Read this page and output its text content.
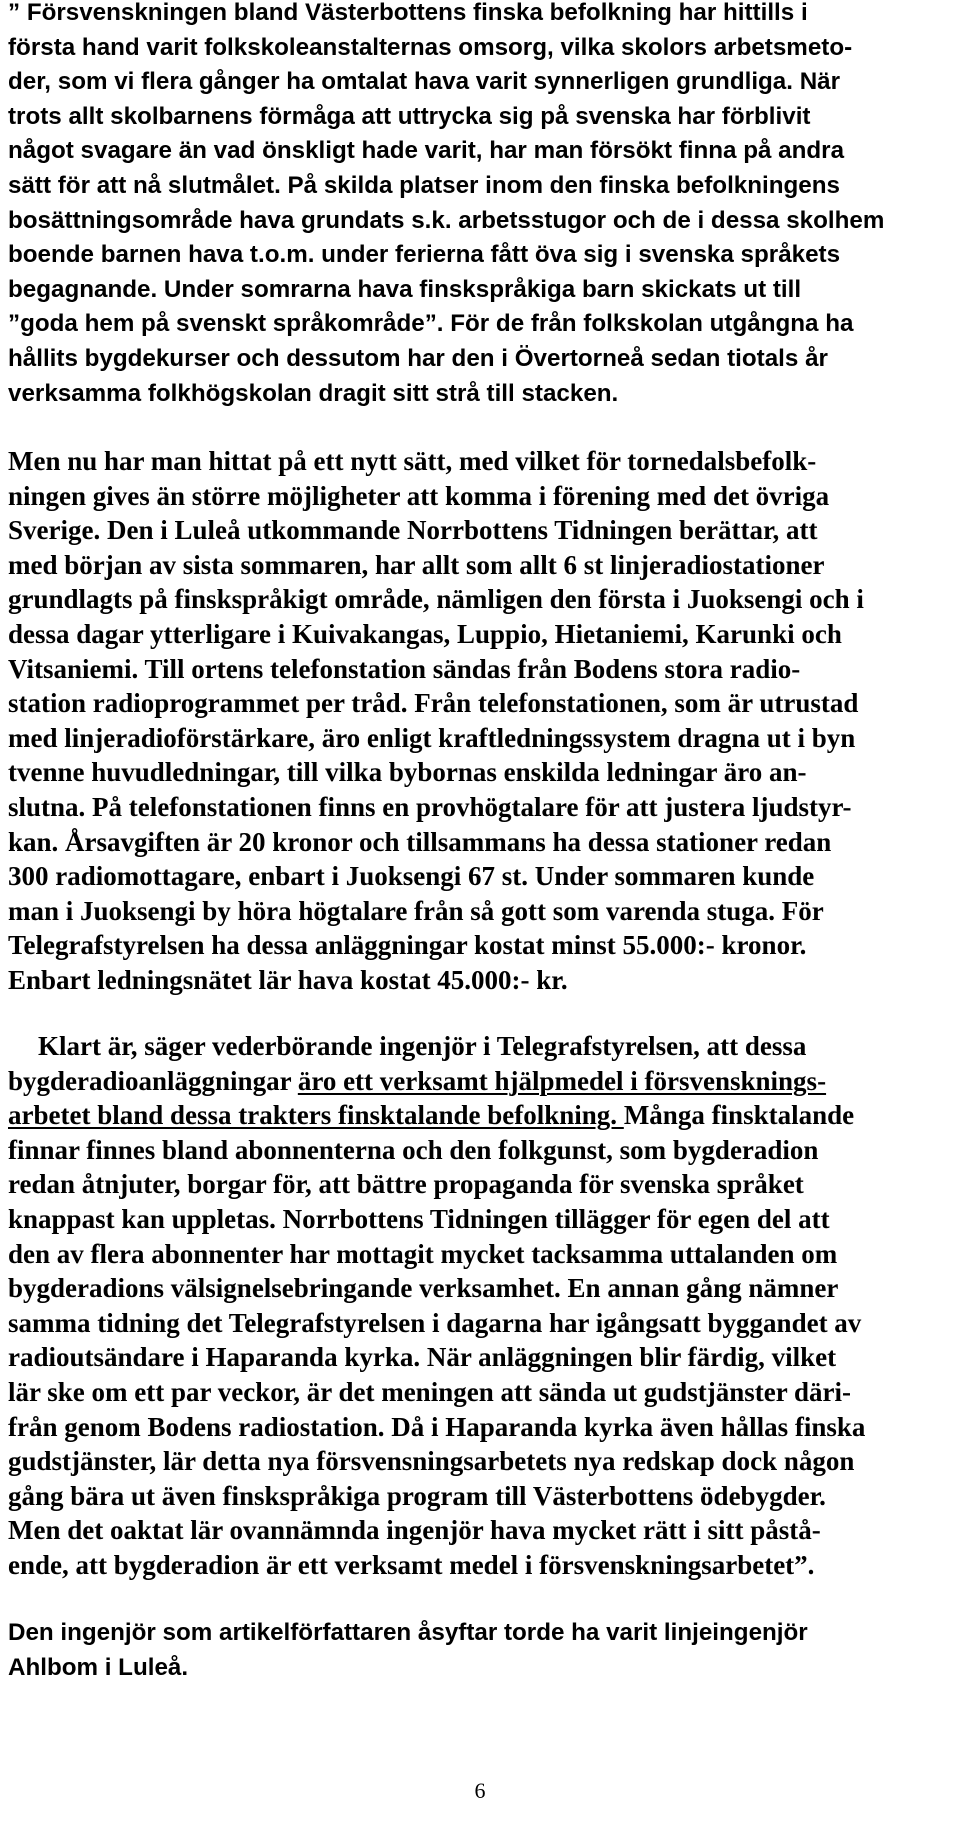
” Försvenskningen bland Västerbottens finska befolkning har hittills i
första hand varit folkskoleanstalternas omsorg, vilka skolors arbetsmeto-
der, som vi flera gånger ha omtalat hava varit synnerligen grundliga. När
trots allt skolbarnens förmåga att uttrycka sig på svenska har förblivit
något svagare än vad önskligt hade varit, har man försökt finna på andra
sätt för att nå slutmålet. På skilda platser inom den finska befolkningens
bosättningsområde hava grundats s.k. arbetsstugor och de i dessa skolhem
boende barnen hava t.o.m. under ferierna fått öva sig i svenska språkets
begagnande. Under somrarna hava finskspråkiga barn skickats ut till
”goda hem på svenskt språkområde”. För de från folkskolan utgångna ha
hållits bygdekurser och dessutom har den i Övertorneå sedan tiotals år
verksamma folkhögskolan dragit sitt strå till stacken.
Men nu har man hittat på ett nytt sätt, med vilket för tornedalsbefolk-
ningen gives än större möjligheter att komma i förening med det övriga
Sverige. Den i Luleå utkommande Norrbottens Tidningen berättar, att
med början av sista sommaren, har allt som allt 6 st linjeradiostationer
grundlagts på finskspråkigt område, nämligen den första i Juoksengi och i
dessa dagar ytterligare i Kuivakangas, Luppio, Hietaniemi, Karunki och
Vitsaniemi. Till ortens telefonstation sändas från Bodens stora radio-
station radioprogrammet per tråd. Från telefonstationen, som är utrustad
med linjeradioförstärkare, äro enligt kraftledningssystem dragna ut i byn
tvenne huvudledningar, till vilka bybornas enskilda ledningar äro an-
slutna. På telefonstationen finns en provhögtalare för att justera ljudstyr-
kan. Årsavgiften är 20 kronor och tillsammans ha dessa stationer redan
300 radiomottagare, enbart i Juoksengi 67 st. Under sommaren kunde
man i Juoksengi by höra högtalare från så gott som varenda stuga. För
Telegrafstyrelsen ha dessa anläggningar kostat minst 55.000:- kronor.
Enbart ledningsnätet lär hava kostat 45.000:- kr.
Klart är, säger vederbörande ingenjör i Telegrafstyrelsen, att dessa
bygderadioanläggningar äro ett verksamt hjälpmedel i försvensknings-
arbetet bland dessa trakters finsktalande befolkning. Många finsktalande
finnar finnes bland abonnenterna och den folkgunst, som bygderadion
redan åtnjuter, borgar för, att bättre propaganda för svenska språket
knappast kan uppletas. Norrbottens Tidningen tillägger för egen del att
den av flera abonnenter har mottagit mycket tacksamma uttalanden om
bygderadions välsignelsebringande verksamhet. En annan gång nämner
samma tidning det Telegrafstyrelsen i dagarna har igångsatt byggandet av
radioutsändare i Haparanda kyrka. När anläggningen blir färdig, vilket
lär ske om ett par veckor, är det meningen att sända ut gudstjänster däri-
från genom Bodens radiostation. Då i Haparanda kyrka även hållas finska
gudstjänster, lär detta nya försvensningsarbetets nya redskap dock någon
gång bära ut även finskspråkiga program till Västerbottens ödebygder.
Men det oaktat lär ovannämnda ingenjör hava mycket rätt i sitt påstå-
ende, att bygderadion är ett verksamt medel i försvenskningsarbetet”.
Den ingenjör som artikelförfattaren åsyftar torde ha varit linjeingenjör
Ahlbom i Luleå.
6
